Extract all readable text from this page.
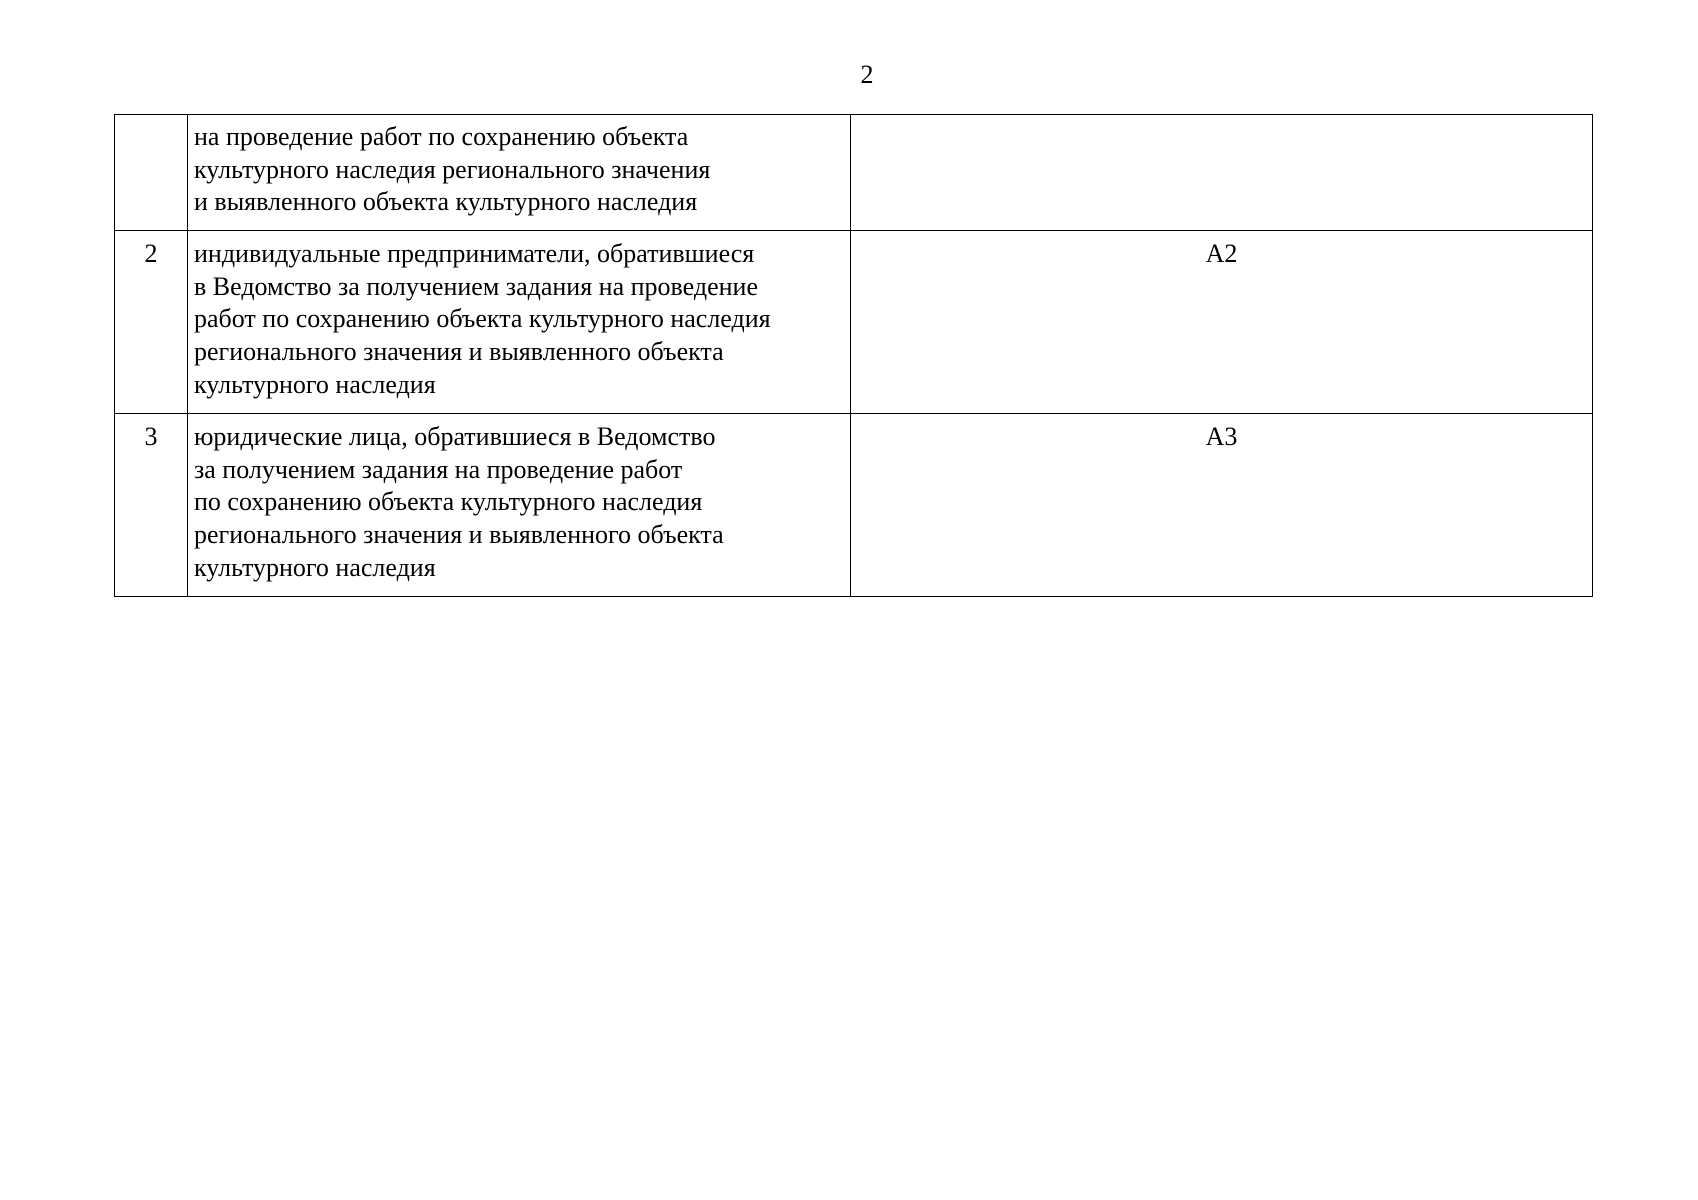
2

	на проведение работ по сохранению объекта
культурного наследия регионального значения
и выявленного объекта культурного наследия	

2	индивидуальные предприниматели, обратившиеся
в Ведомство за получением задания на проведение
работ по сохранению объекта культурного наследия
регионального значения и выявленного объекта
культурного наследия	А2
3	юридические лица, обратившиеся в Ведомство
за получением задания на проведение работ
по сохранению объекта культурного наследия
регионального значения и выявленного объекта
культурного наследия	А3
